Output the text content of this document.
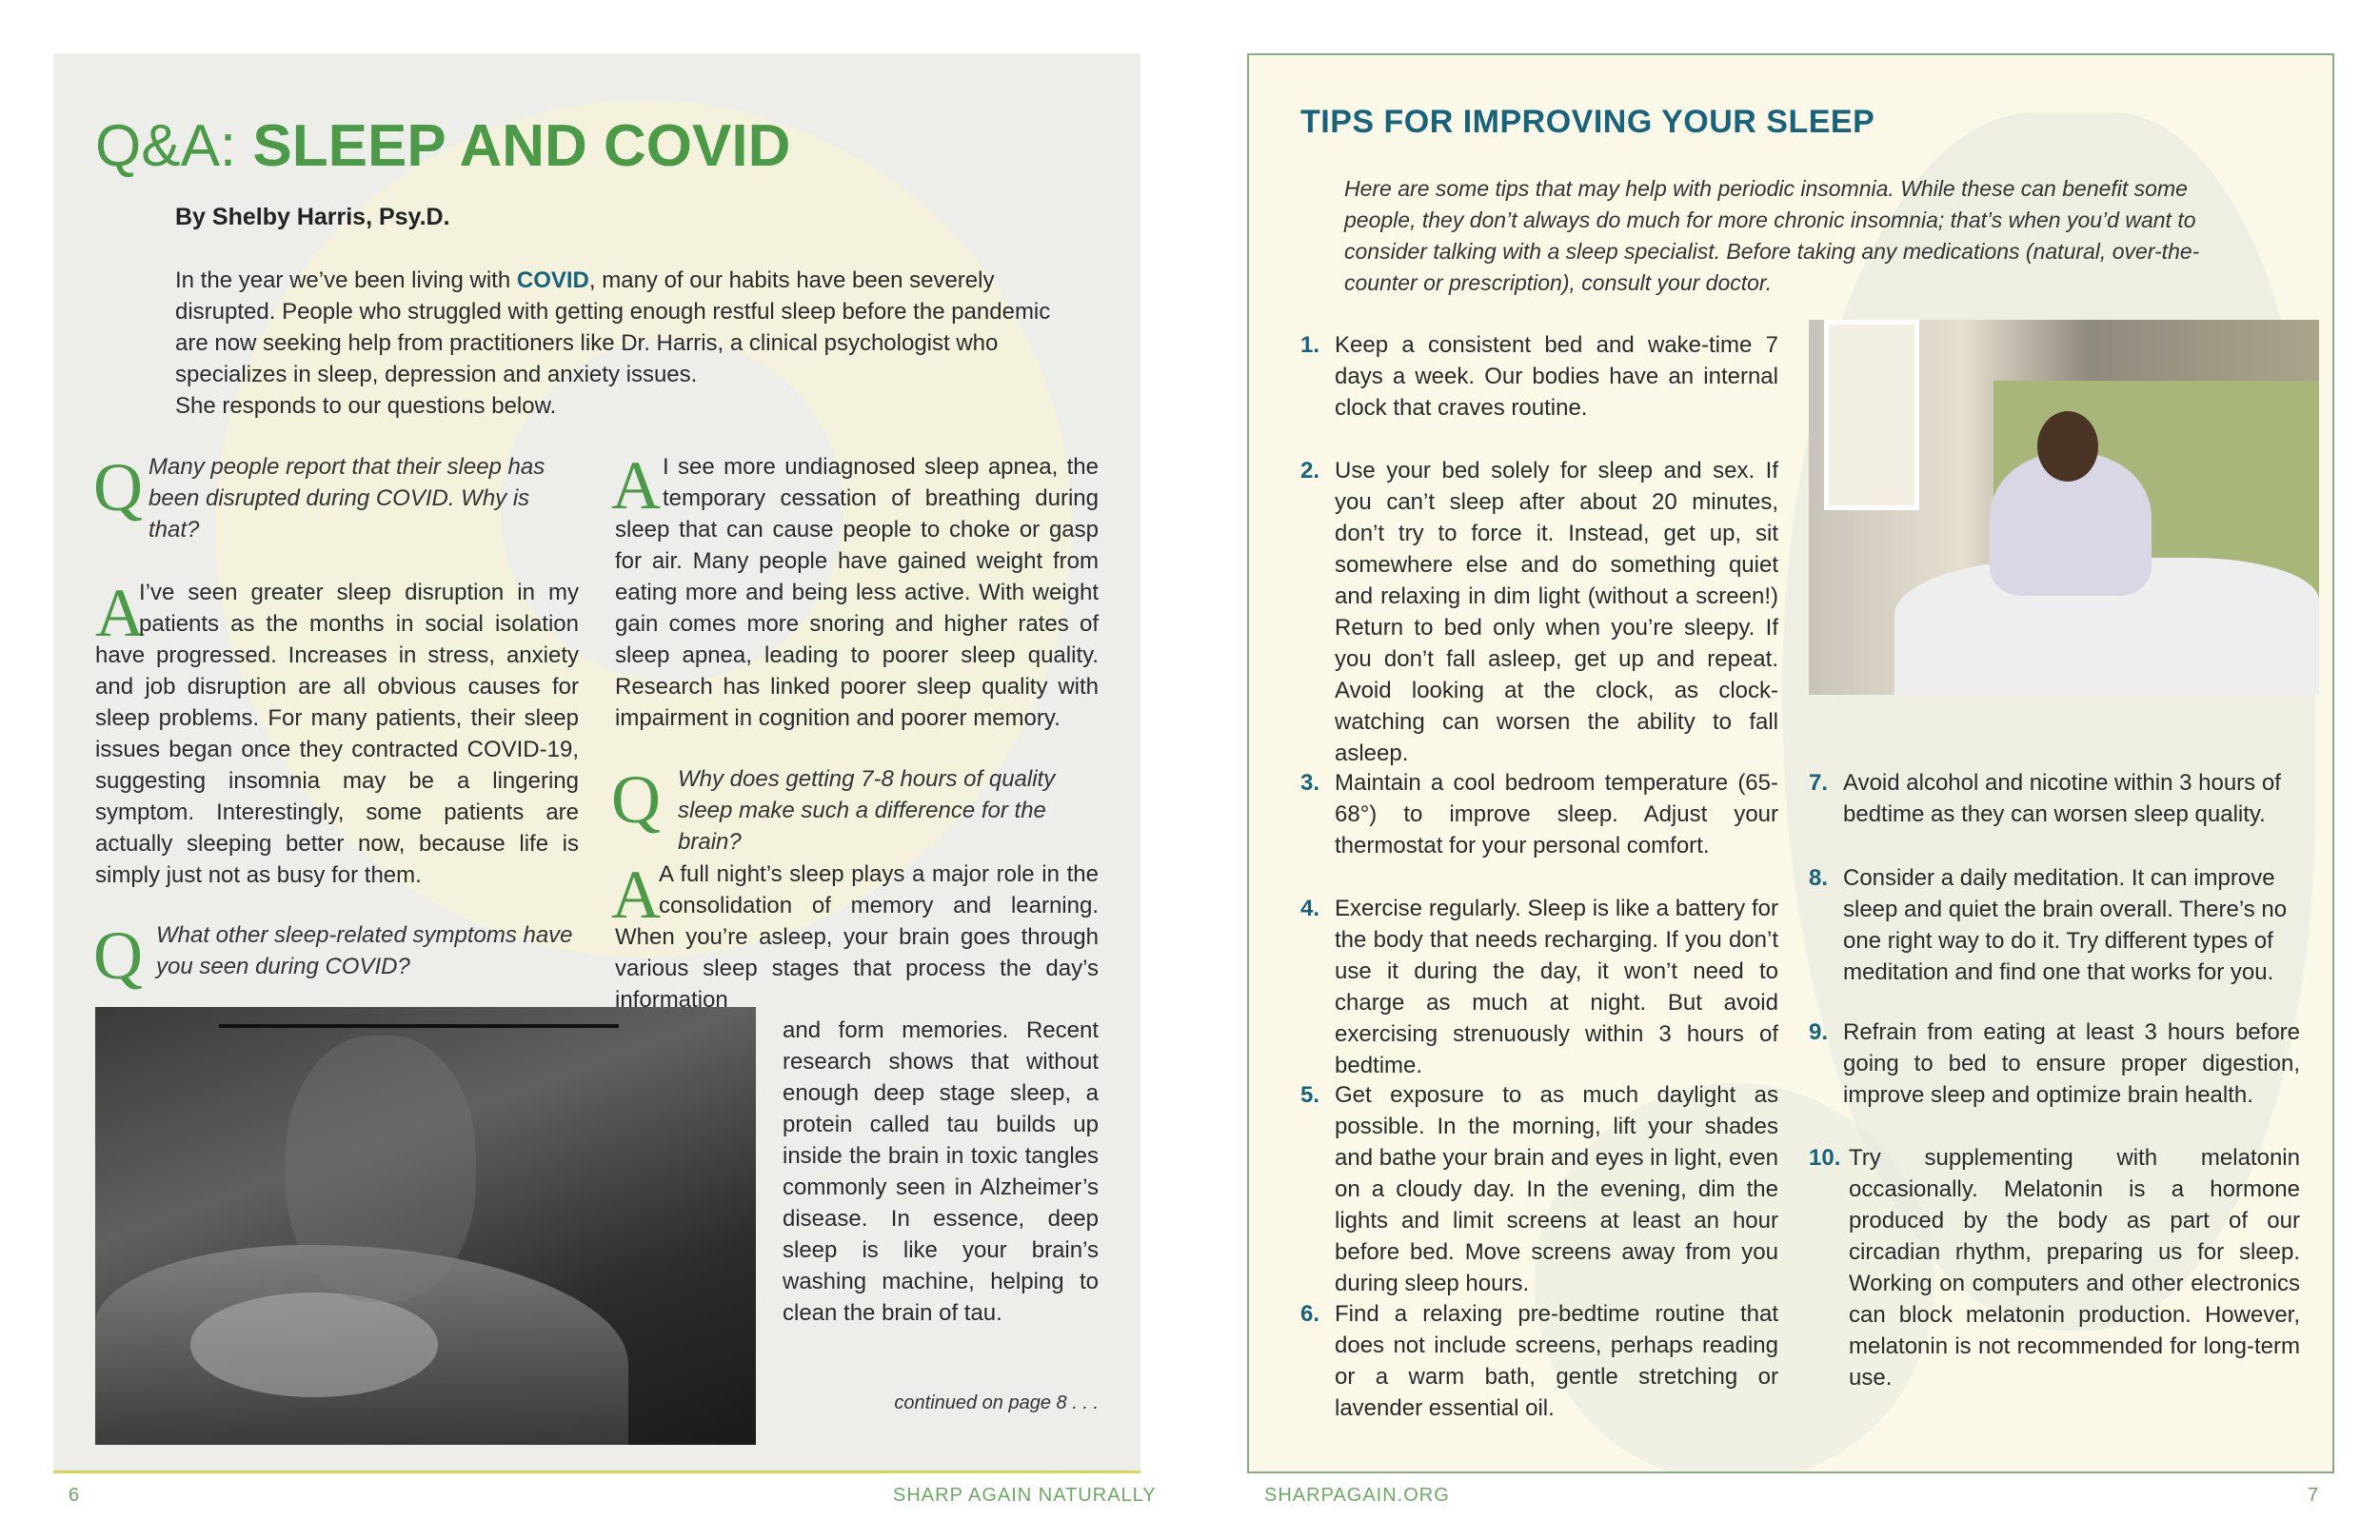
Q&A: SLEEP AND COVID
By Shelby Harris, Psy.D.

In the year we’ve been living with COVID, many of our habits have been severely disrupted. People who struggled with getting enough restful sleep before the pandemic are now seeking help from practitioners like Dr. Harris, a clinical psychologist who specializes in sleep, depression and anxiety issues.
She responds to our questions below.

Q Many people report that their sleep has been disrupted during COVID. Why is that?

A

I’ve seen greater sleep disruption in my patients as the months in social isolation have progressed. Increases in stress, anxiety and job disruption are all obvious causes for sleep problems. For many patients, their sleep issues began once they contracted COVID-19, suggesting insomnia may be a lingering symptom. Interestingly, some patients are actually sleeping better now, because life is simply just not as busy for them.

Q What other sleep-related symptoms have you seen during COVID?

A I see more undiagnosed sleep apnea, the temporary cessation of breathing during sleep that can cause people to choke or gasp for air. Many people have gained weight from eating more and being less active. With weight gain comes more snoring and higher rates of sleep apnea, leading to poorer sleep quality. Research has linked poorer sleep quality with impairment in cognition and poorer memory.

Q Why does getting 7-8 hours of quality sleep make such a difference for the brain?

A

A full night’s sleep plays a major role in the consolidation of memory and learning. When you’re asleep, your brain goes through various sleep stages that process the day’s information

and form memories. Recent research shows that without enough deep stage sleep, a protein called tau builds up inside the brain in toxic tangles commonly seen in Alzheimer’s disease. In essence, deep sleep is like your brain’s washing machine, helping to clean the brain of tau.

continued on page 8 . . .

6	SHARP AGAIN NATURALLY
TIPS FOR IMPROVING YOUR SLEEP

Here are some tips that may help with periodic insomnia. While these can benefit some people, they don’t always do much for more chronic insomnia; that’s when you’d want to consider talking with a sleep specialist. Before taking any medications (natural, over-the-counter or prescription), consult your doctor.

1. Keep a consistent bed and wake-time 7 days a week. Our bodies have an internal clock that craves routine.

2. Use your bed solely for sleep and sex. If you can’t sleep after about 20 minutes, don’t try to force it. Instead, get up, sit somewhere else and do something quiet and relaxing in dim light (without a screen!) Return to bed only when you’re sleepy. If you don’t fall asleep, get up and repeat. Avoid looking at the clock, as clock-watching can worsen the ability to fall asleep.

3. Maintain a cool bedroom temperature (65-68°) to improve sleep. Adjust your thermostat for your personal comfort.

4. Exercise regularly. Sleep is like a battery for the body that needs recharging. If you don’t use it during the day, it won’t need to charge as much at night. But avoid exercising strenuously within 3 hours of bedtime.

5. Get exposure to as much daylight as possible. In the morning, lift your shades and bathe your brain and eyes in light, even on a cloudy day. In the evening, dim the lights and limit screens at least an hour before bed. Move screens away from you during sleep hours.

6. Find a relaxing pre-bedtime routine that does not include screens, perhaps reading or a warm bath, gentle stretching or lavender essential oil.

7. Avoid alcohol and nicotine within 3 hours of bedtime as they can worsen sleep quality.

8. Consider a daily meditation. It can improve sleep and quiet the brain overall. There’s no one right way to do it. Try different types of meditation and find one that works for you.

9. Refrain from eating at least 3 hours before going to bed to ensure proper digestion, improve sleep and optimize brain health.

10. Try supplementing with melatonin occasionally. Melatonin is a hormone produced by the body as part of our circadian rhythm, preparing us for sleep. Working on computers and other electronics can block melatonin production. However, melatonin is not recommended for long-term use.

SHARPAGAIN.ORG	7
